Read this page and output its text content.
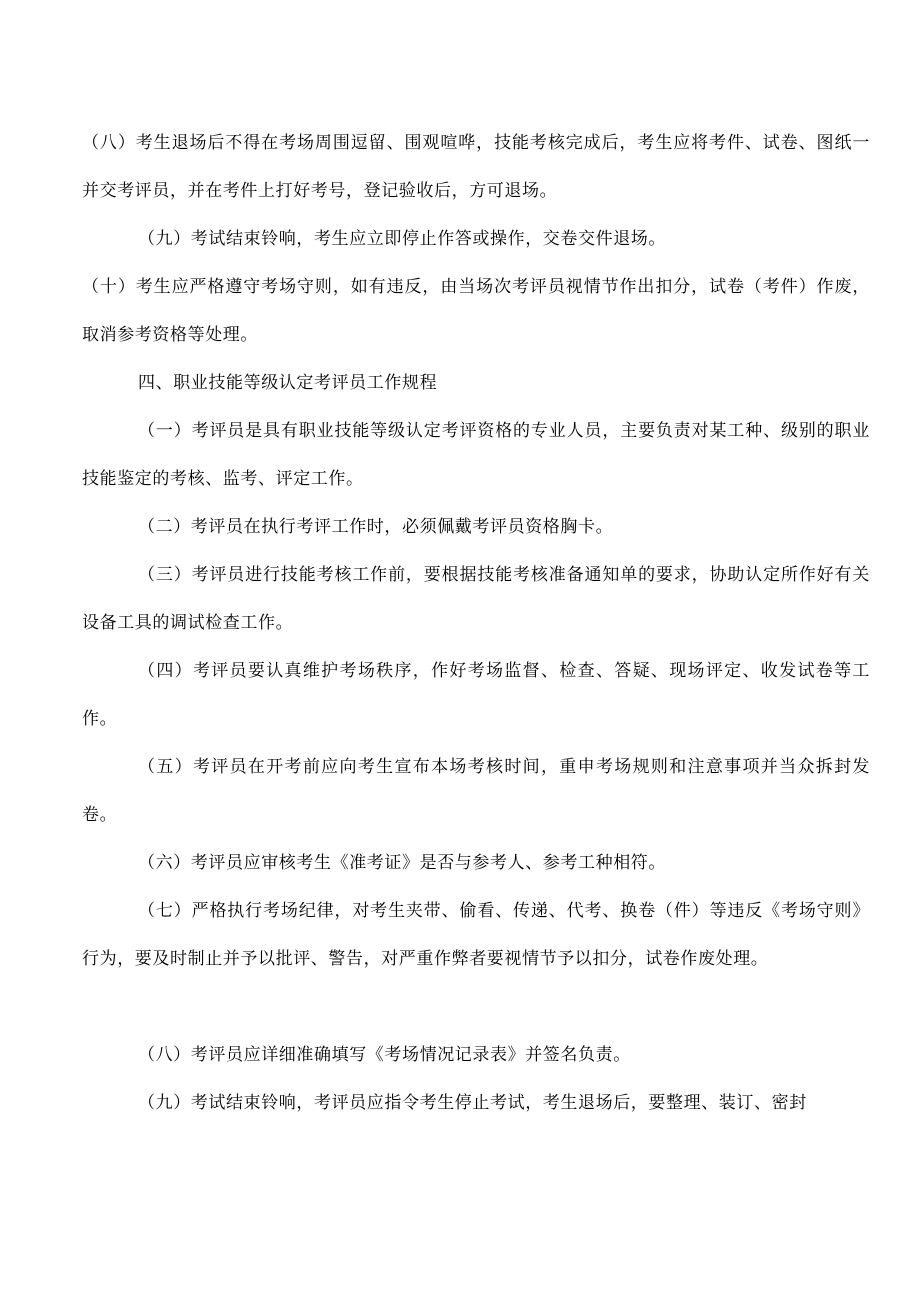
（八）考生退场后不得在考场周围逗留、围观喧哗，技能考核完成后，考生应将考件、试卷、图纸一并交考评员，并在考件上打好考号，登记验收后，方可退场。

（九）考试结束铃响，考生应立即停止作答或操作，交卷交件退场。

（十）考生应严格遵守考场守则，如有违反，由当场次考评员视情节作出扣分，试卷（考件）作废，取消参考资格等处理。

四、职业技能等级认定考评员工作规程

（一）考评员是具有职业技能等级认定考评资格的专业人员，主要负责对某工种、级别的职业技能鉴定的考核、监考、评定工作。

（二）考评员在执行考评工作时，必须佩戴考评员资格胸卡。

（三）考评员进行技能考核工作前，要根据技能考核准备通知单的要求，协助认定所作好有关设备工具的调试检查工作。

（四）考评员要认真维护考场秩序，作好考场监督、检查、答疑、现场评定、收发试卷等工作。

（五）考评员在开考前应向考生宣布本场考核时间，重申考场规则和注意事项并当众拆封发卷。

（六）考评员应审核考生《准考证》是否与参考人、参考工种相符。

（七）严格执行考场纪律，对考生夹带、偷看、传递、代考、换卷（件）等违反《考场守则》行为，要及时制止并予以批评、警告，对严重作弊者要视情节予以扣分，试卷作废处理。

（八）考评员应详细准确填写《考场情况记录表》并签名负责。

（九）考试结束铃响，考评员应指令考生停止考试，考生退场后，要整理、装订、密封
